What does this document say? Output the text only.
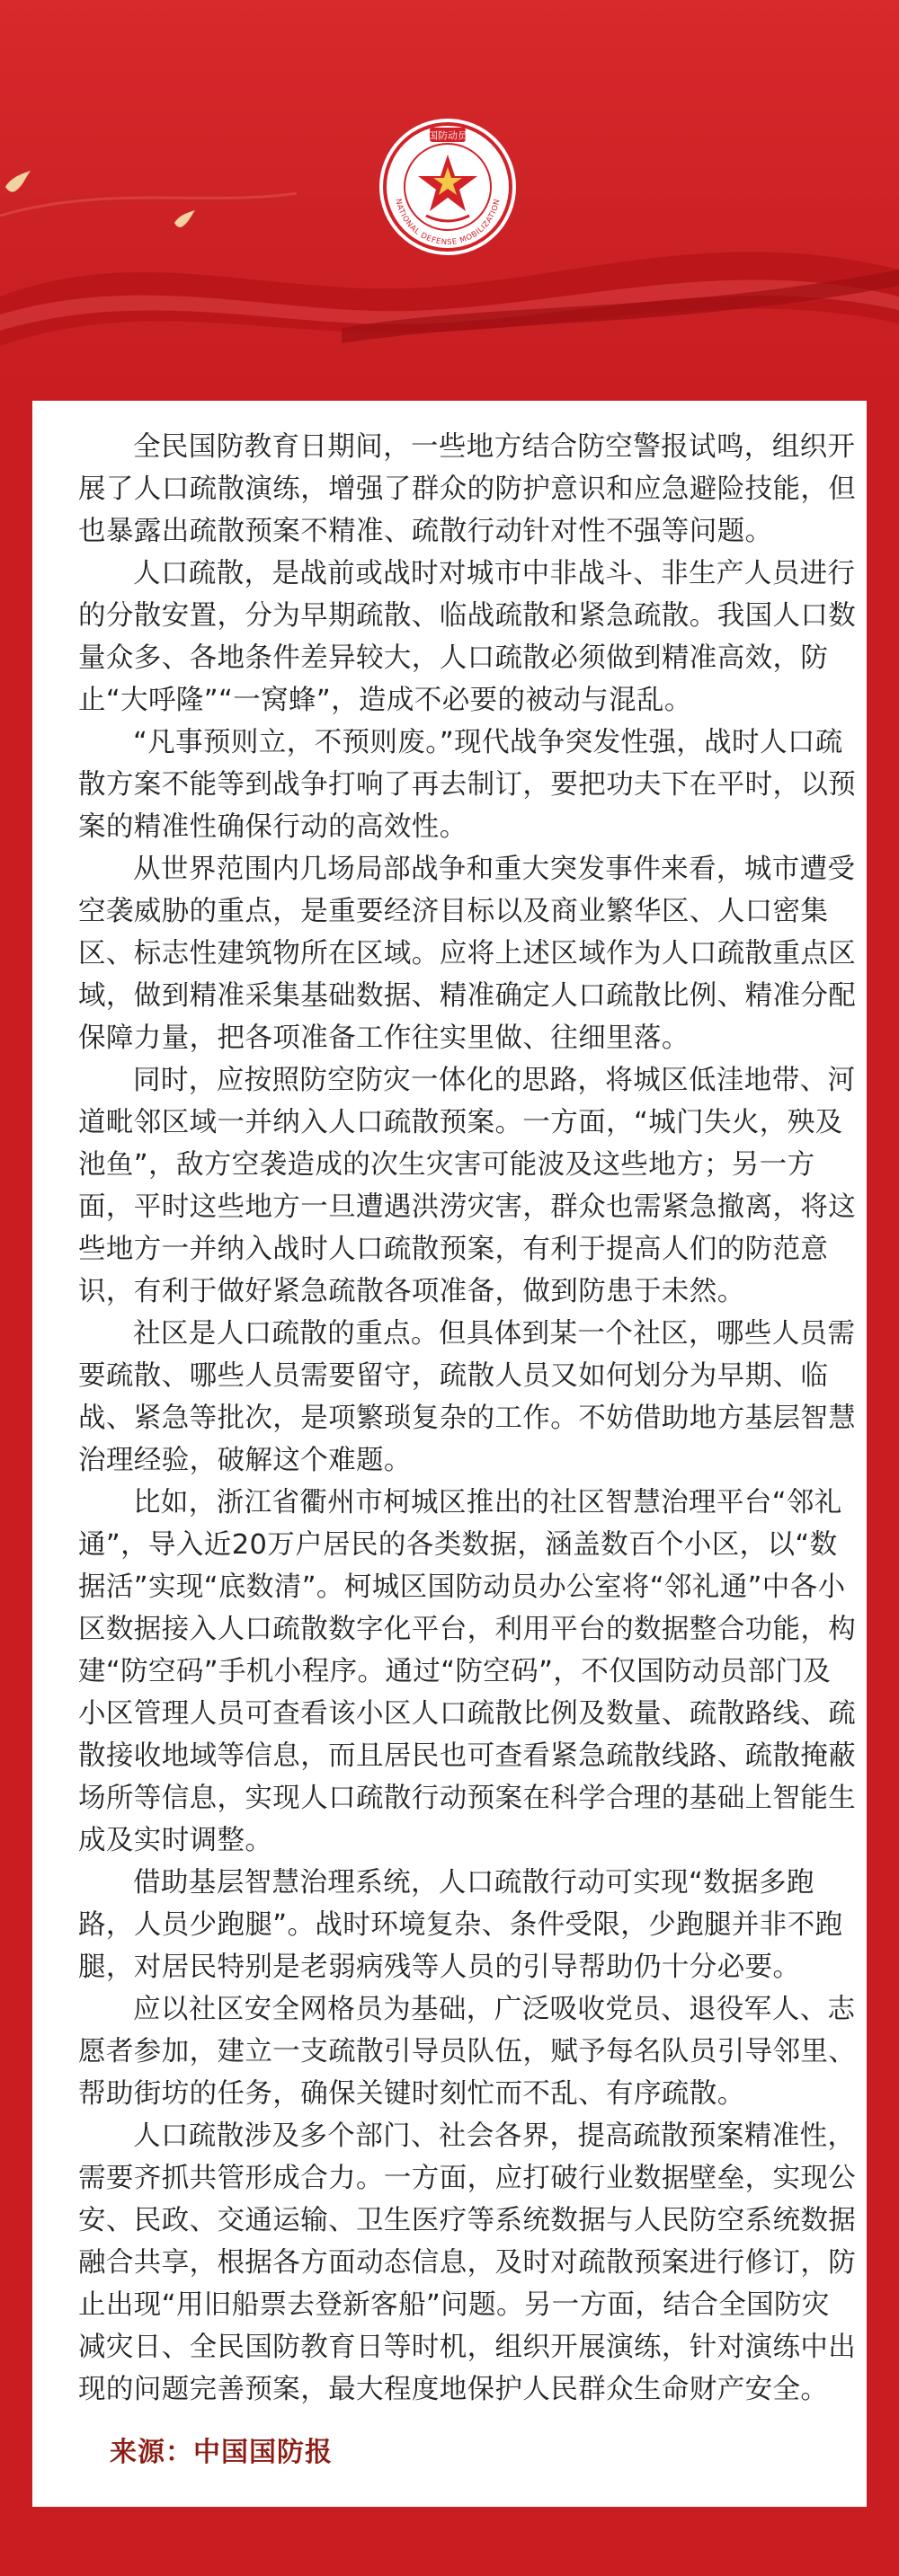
国防动员
NATIONAL DEFENSE MOBILIZATION

全民国防教育日期间，一些地方结合防空警报试鸣，组织开展了人口疏散演练，增强了群众的防护意识和应急避险技能，但也暴露出疏散预案不精准、疏散行动针对性不强等问题。

人口疏散，是战前或战时对城市中非战斗、非生产人员进行的分散安置，分为早期疏散、临战疏散和紧急疏散。我国人口数量众多、各地条件差异较大，人口疏散必须做到精准高效，防止“大呼隆”“一窝蜂”，造成不必要的被动与混乱。

“凡事预则立，不预则废。”现代战争突发性强，战时人口疏散方案不能等到战争打响了再去制订，要把功夫下在平时，以预案的精准性确保行动的高效性。

从世界范围内几场局部战争和重大突发事件来看，城市遭受空袭威胁的重点，是重要经济目标以及商业繁华区、人口密集区、标志性建筑物所在区域。应将上述区域作为人口疏散重点区域，做到精准采集基础数据、精准确定人口疏散比例、精准分配保障力量，把各项准备工作往实里做、往细里落。

同时，应按照防空防灾一体化的思路，将城区低洼地带、河道毗邻区域一并纳入人口疏散预案。一方面，“城门失火，殃及池鱼”，敌方空袭造成的次生灾害可能波及这些地方；另一方面，平时这些地方一旦遭遇洪涝灾害，群众也需紧急撤离，将这些地方一并纳入战时人口疏散预案，有利于提高人们的防范意识，有利于做好紧急疏散各项准备，做到防患于未然。

社区是人口疏散的重点。但具体到某一个社区，哪些人员需要疏散、哪些人员需要留守，疏散人员又如何划分为早期、临战、紧急等批次，是项繁琐复杂的工作。不妨借助地方基层智慧治理经验，破解这个难题。

比如，浙江省衢州市柯城区推出的社区智慧治理平台“邻礼通”，导入近20万户居民的各类数据，涵盖数百个小区，以“数据活”实现“底数清”。柯城区国防动员办公室将“邻礼通”中各小区数据接入人口疏散数字化平台，利用平台的数据整合功能，构建“防空码”手机小程序。通过“防空码”，不仅国防动员部门及小区管理人员可查看该小区人口疏散比例及数量、疏散路线、疏散接收地域等信息，而且居民也可查看紧急疏散线路、疏散掩蔽场所等信息，实现人口疏散行动预案在科学合理的基础上智能生成及实时调整。

借助基层智慧治理系统，人口疏散行动可实现“数据多跑路，人员少跑腿”。战时环境复杂、条件受限，少跑腿并非不跑腿，对居民特别是老弱病残等人员的引导帮助仍十分必要。

应以社区安全网格员为基础，广泛吸收党员、退役军人、志愿者参加，建立一支疏散引导员队伍，赋予每名队员引导邻里、帮助街坊的任务，确保关键时刻忙而不乱、有序疏散。

人口疏散涉及多个部门、社会各界，提高疏散预案精准性，需要齐抓共管形成合力。一方面，应打破行业数据壁垒，实现公安、民政、交通运输、卫生医疗等系统数据与人民防空系统数据融合共享，根据各方面动态信息，及时对疏散预案进行修订，防止出现“用旧船票去登新客船”问题。另一方面，结合全国防灾减灾日、全民国防教育日等时机，组织开展演练，针对演练中出现的问题完善预案，最大程度地保护人民群众生命财产安全。

来源：中国国防报
